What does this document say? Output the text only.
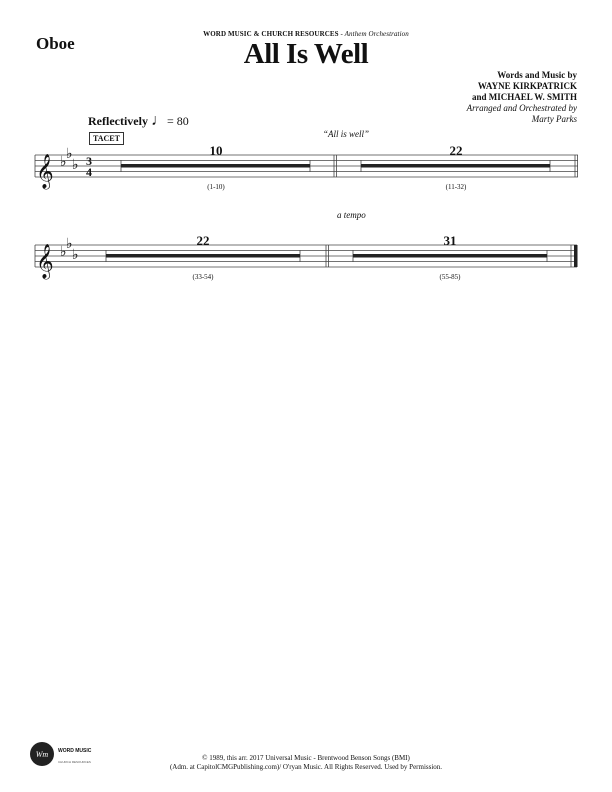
Oboe	WORD MUSIC & CHURCH RESOURCES - Anthem Orchestration
All Is Well
Words and Music by
WAYNE KIRKPATRICK
and MICHAEL W. SMITH
Arranged and Orchestrated by
Marty Parks
Reflectively ♩= 80
TACET	“All is well”
𝄞 ♭ ♭
♭ 3
4
10
(1-10)
22
(11-32)
a tempo
𝄞 ♭ ♭
♭
22
(33-54)
31
(55-85)
Wm	WORD MUSIC
CHURCH RESOURCES	© 1989, this arr. 2017 Universal Music - Brentwood Benson Songs (BMI)
(Adm. at CapitolCMGPublishing.com)/ O'ryan Music. All Rights Reserved. Used by Permission.
